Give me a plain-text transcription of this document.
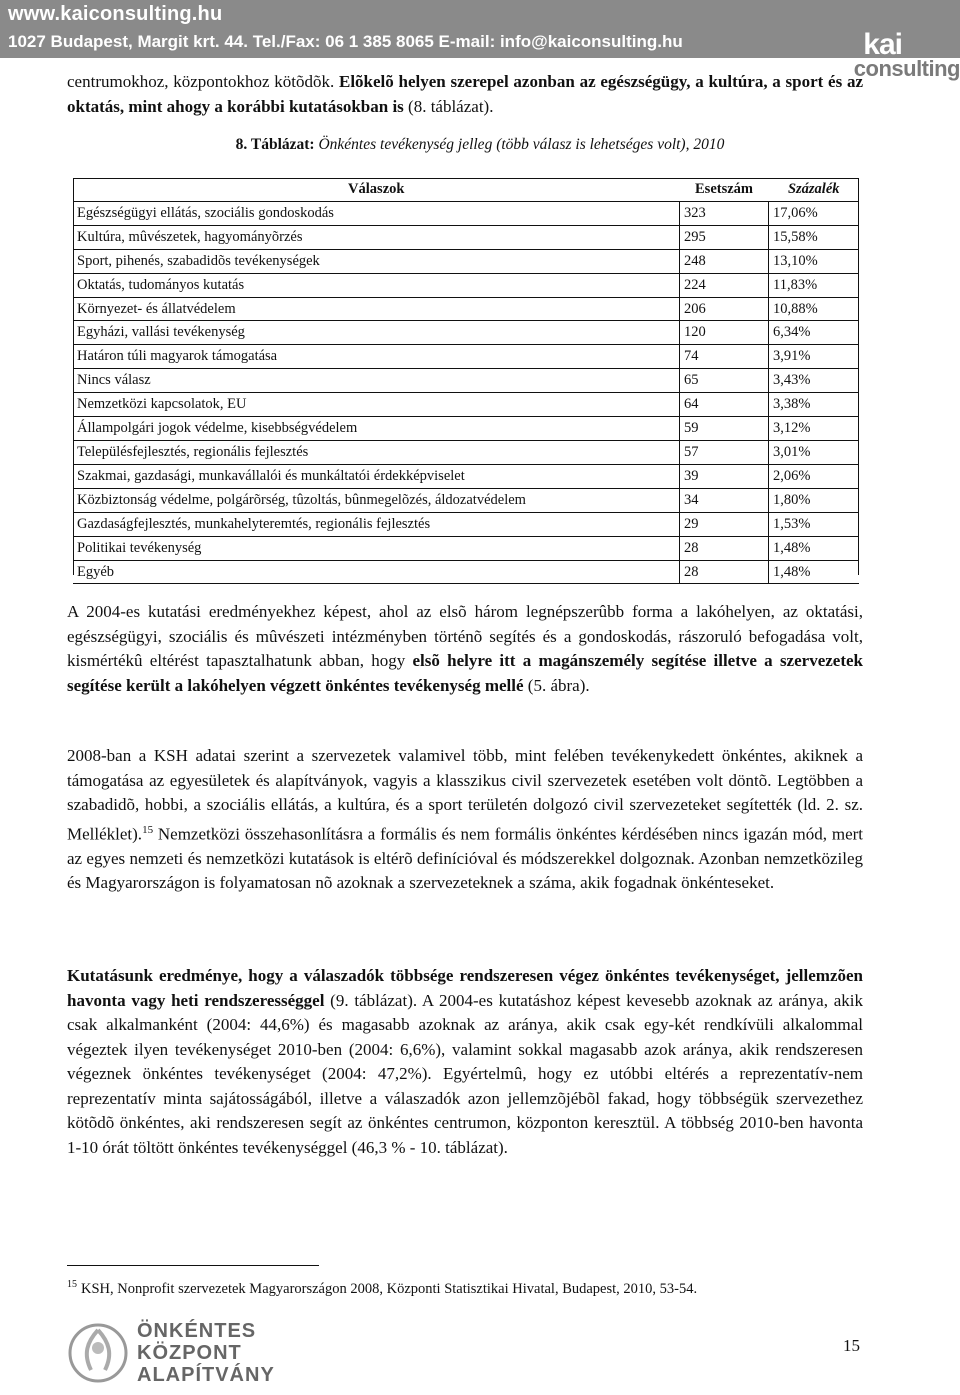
www.kaiconsulting.hu
1027 Budapest, Margit krt. 44. Tel./Fax: 06 1 385 8065 E-mail: info@kaiconsulting.hu	kai
consulting

centrumokhoz, központokhoz kötõdõk. Elõkelõ helyen szerepel azonban az egészségügy, a kultúra, a sport és az oktatás, mint ahogy a korábbi kutatásokban is (8. táblázat).

8. Táblázat: Önkéntes tevékenység jelleg (több válasz is lehetséges volt), 2010
Válaszok	Esetszám	Százalék
Egészségügyi ellátás, szociális gondoskodás	323	17,06%
Kultúra, mûvészetek, hagyományõrzés	295	15,58%
Sport, pihenés, szabadidõs tevékenységek	248	13,10%
Oktatás, tudományos kutatás	224	11,83%
Környezet- és állatvédelem	206	10,88%
Egyházi, vallási tevékenység	120	6,34%
Határon túli magyarok támogatása	74	3,91%
Nincs válasz	65	3,43%
Nemzetközi kapcsolatok, EU	64	3,38%
Állampolgári jogok védelme, kisebbségvédelem	59	3,12%
Településfejlesztés, regionális fejlesztés	57	3,01%
Szakmai, gazdasági, munkavállalói és munkáltatói érdekképviselet	39	2,06%
Közbiztonság védelme, polgárõrség, tûzoltás, bûnmegelõzés, áldozatvédelem	34	1,80%
Gazdaságfejlesztés, munkahelyteremtés, regionális fejlesztés	29	1,53%
Politikai tevékenység	28	1,48%
Egyéb	28	1,48%

A 2004-es kutatási eredményekhez képest, ahol az elsõ három legnépszerûbb forma a lakóhelyen, az oktatási, egészségügyi, szociális és mûvészeti intézményben történõ segítés és a gondoskodás, rászoruló befogadása volt, kismértékû eltérést tapasztalhatunk abban, hogy elsõ helyre itt a magánszemély segítése illetve a szervezetek segítése került a lakóhelyen végzett önkéntes tevékenység mellé (5. ábra).

2008-ban a KSH adatai szerint a szervezetek valamivel több, mint felében tevékenykedett önkéntes, akiknek a támogatása az egyesületek és alapítványok, vagyis a klasszikus civil szervezetek esetében volt döntõ. Legtöbben a szabadidõ, hobbi, a szociális ellátás, a kultúra, és a sport területén dolgozó civil szervezeteket segítették (ld. 2. sz. Melléklet).$^{15}$ Nemzetközi összehasonlításra a formális és nem formális önkéntes kérdésében nincs igazán mód, mert az egyes nemzeti és nemzetközi kutatások is eltérõ definícióval és módszerekkel dolgoznak. Azonban nemzetközileg és Magyarországon is folyamatosan nõ azoknak a szervezeteknek a száma, akik fogadnak önkénteseket.

Kutatásunk eredménye, hogy a válaszadók többsége rendszeresen végez önkéntes tevékenységet, jellemzõen havonta vagy heti rendszerességgel (9. táblázat). A 2004-es kutatáshoz képest kevesebb azoknak az aránya, akik csak alkalmanként (2004: 44,6%) és magasabb azoknak az aránya, akik csak egy-két rendkívüli alkalommal végeztek ilyen tevékenységet 2010-ben (2004: 6,6%), valamint sokkal magasabb azok aránya, akik rendszeresen végeznek önkéntes tevékenységet (2004: 47,2%). Egyértelmû, hogy ez utóbbi eltérés a reprezentatív-nem reprezentatív minta sajátosságából, illetve a válaszadók azon jellemzõjébõl fakad, hogy többségük szervezethez kötõdõ önkéntes, aki rendszeresen segít az önkéntes centrumon, központon keresztül. A többség 2010-ben havonta 1-10 órát töltött önkéntes tevékenységgel (46,3 % - 10. táblázat).

$^{15}$ KSH, Nonprofit szervezetek Magyarországon 2008, Központi Statisztikai Hivatal, Budapest, 2010, 53-54.
ÖNKÉNTES
KÖZPONT
ALAPÍTVÁNY
15
